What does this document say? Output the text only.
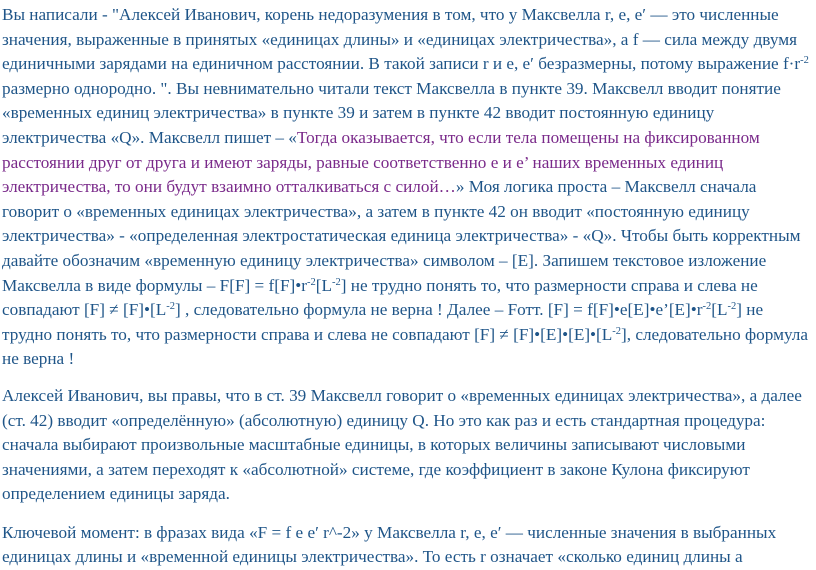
Вы написали - "Алексей Иванович, корень недоразумения в том, что у Максвелла r, e, e′ — это численные значения, выраженные в принятых «единицах длины» и «единицах электричества», а f — сила между двумя единичными зарядами на единичном расстоянии. В такой записи r и e, e′ безразмерны, потому выражение $f\cdot r^{-2}$ размерно однородно. ". Вы невнимательно читали текст Максвелла в пункте 39. Максвелл вводит понятие «временных единиц электричества» в пункте 39 и затем в пункте 42 вводит постоянную единицу электричества «Q». Максвелл пишет – «Тогда оказывается, что если тела помещены на фиксированном расстоянии друг от друга и имеют заряды, равные соответственно e и e’ наших временных единиц электричества, то они будут взаимно отталкиваться с силой…» Моя логика проста – Максвелл сначала говорит о «временных единицах электричества», а затем в пункте 42 он вводит «постоянную единицу электричества» - «определенная электростатическая единица электричества» - «Q». Чтобы быть корректным давайте обозначим «временную единицу электричества» символом – [E]. Запишем текстовое изложение Максвелла в виде формулы – $F[F] = f[F]•r^{-2}[L^{-2}]$ не трудно понять то, что размерности справа и слева не совпадают $[F] \ne [F]•[L^{-2}]$ , следовательно формула не верна ! Далее – Fотт. $[F] = f[F]•e[E]•e’[E]•r^{-2}[L^{-2}]$ не трудно понять то, что размерности справа и слева не совпадают $[F] \ne [F]•[E]•[E]•[L^{-2}]$, следовательно формула не верна !

Алексей Иванович, вы правы, что в ст. 39 Максвелл говорит о «временных единицах электричества», а далее (ст. 42) вводит «определённую» (абсолютную) единицу Q. Но это как раз и есть стандартная процедура: сначала выбирают произвольные масштабные единицы, в которых величины записывают числовыми значениями, а затем переходят к «абсолютной» системе, где коэффициент в законе Кулона фиксируют определением единицы заряда.

Ключевой момент: в фразах вида «F = f e e′ r^-2» у Максвелла r, e, e′ — численные значения в выбранных единицах длины и «временной единицы электричества». То есть r означает «сколько единиц длины а
